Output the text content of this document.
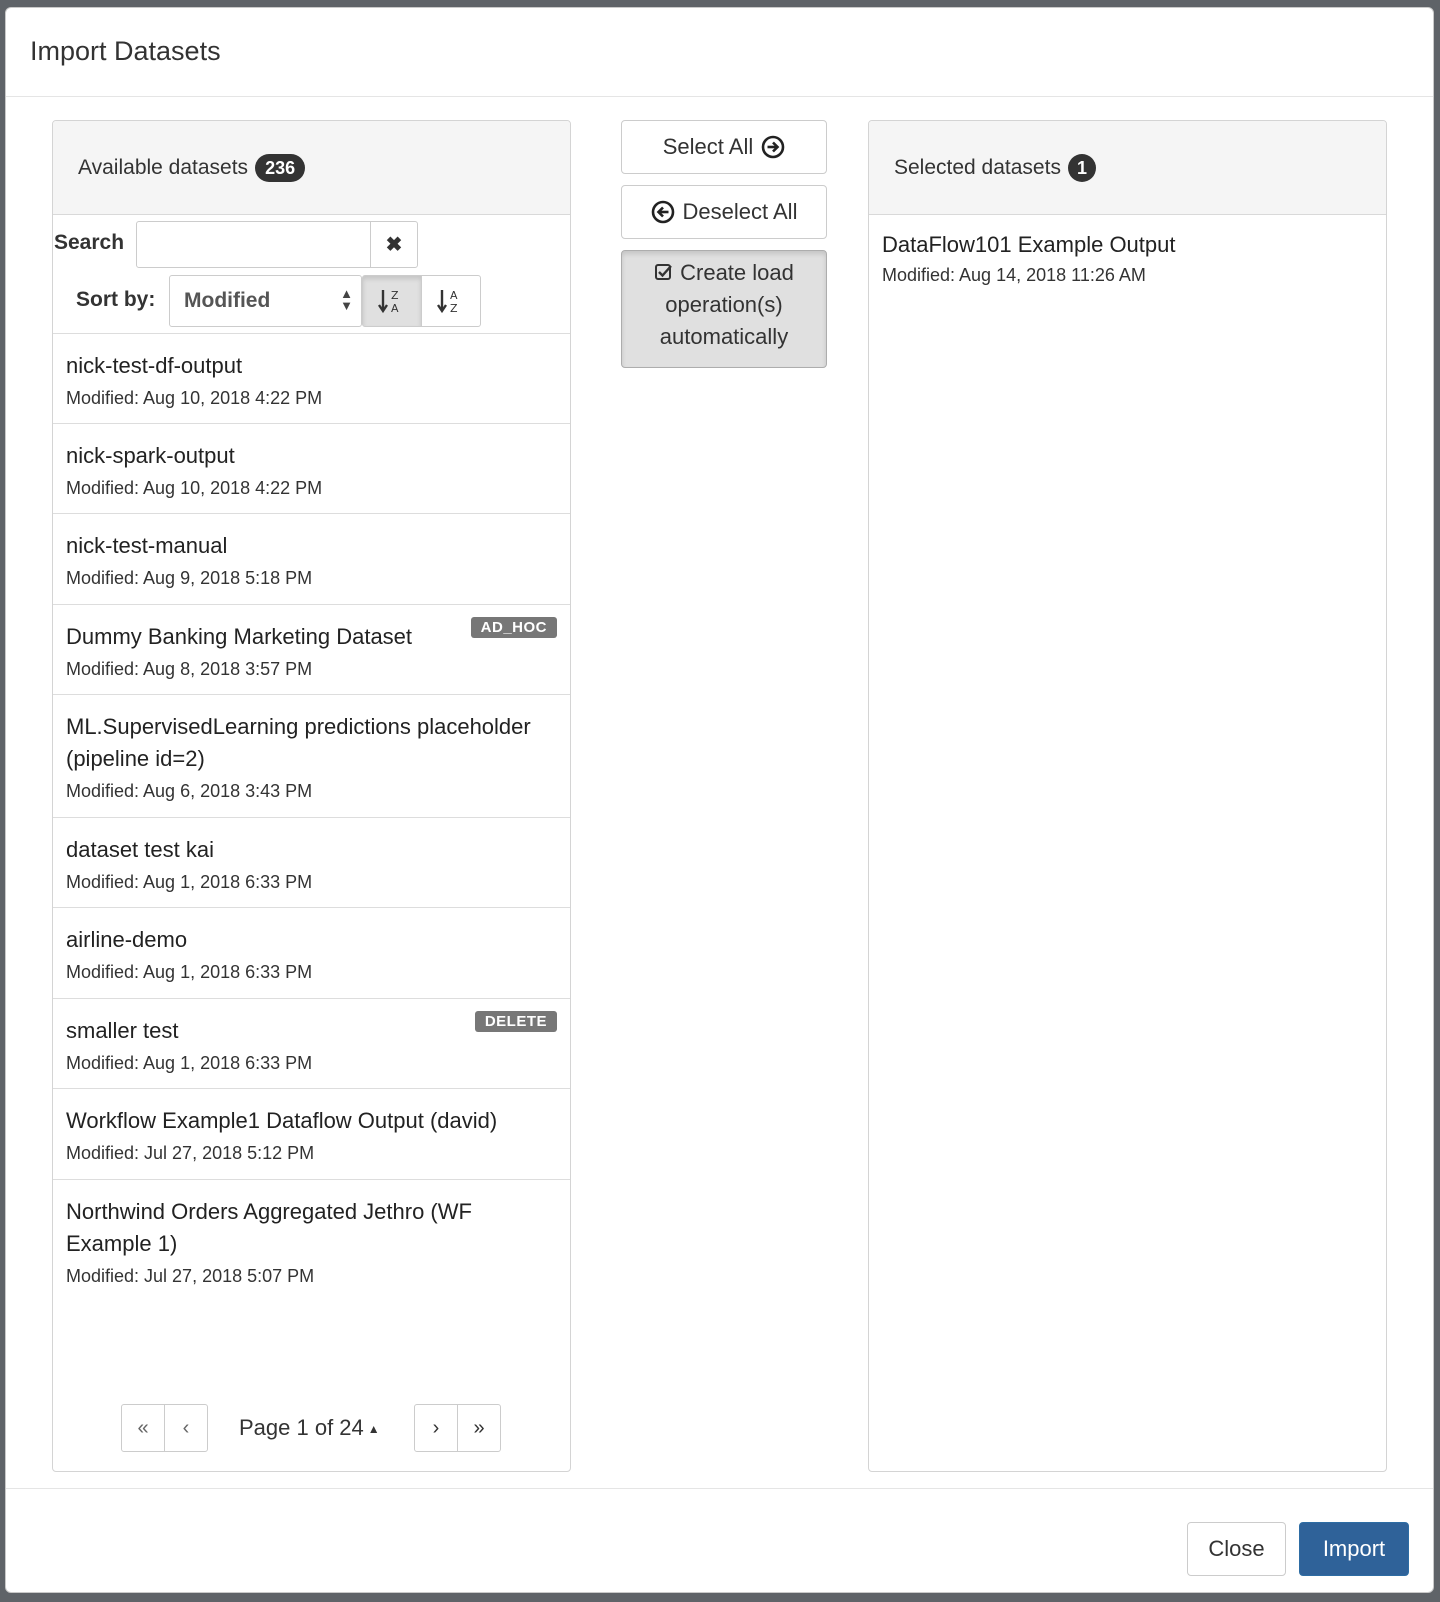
Import Datasets
Available datasets 236
Search	✖
Sort by:	Modified	▲
▼
Z
A
A
Z
nick-test-df-output
Modified: Aug 10, 2018 4:22 PM
nick-spark-output
Modified: Aug 10, 2018 4:22 PM
nick-test-manual
Modified: Aug 9, 2018 5:18 PM
Dummy Banking Marketing Dataset
Modified: Aug 8, 2018 3:57 PM
AD_HOC
ML.SupervisedLearning predictions placeholder (pipeline id=2)
Modified: Aug 6, 2018 3:43 PM
dataset test kai
Modified: Aug 1, 2018 6:33 PM
airline-demo
Modified: Aug 1, 2018 6:33 PM
smaller test
Modified: Aug 1, 2018 6:33 PM
DELETE
Workflow Example1 Dataflow Output (david)
Modified: Jul 27, 2018 5:12 PM
Northwind Orders Aggregated Jethro (WF Example 1)
Modified: Jul 27, 2018 5:07 PM
«	‹	Page 1 of 24 ▲	›	»
Select All
Deselect All
Create load
operation(s)
automatically
Selected datasets 1
DataFlow101 Example Output
Modified: Aug 14, 2018 11:26 AM
Close	Import
